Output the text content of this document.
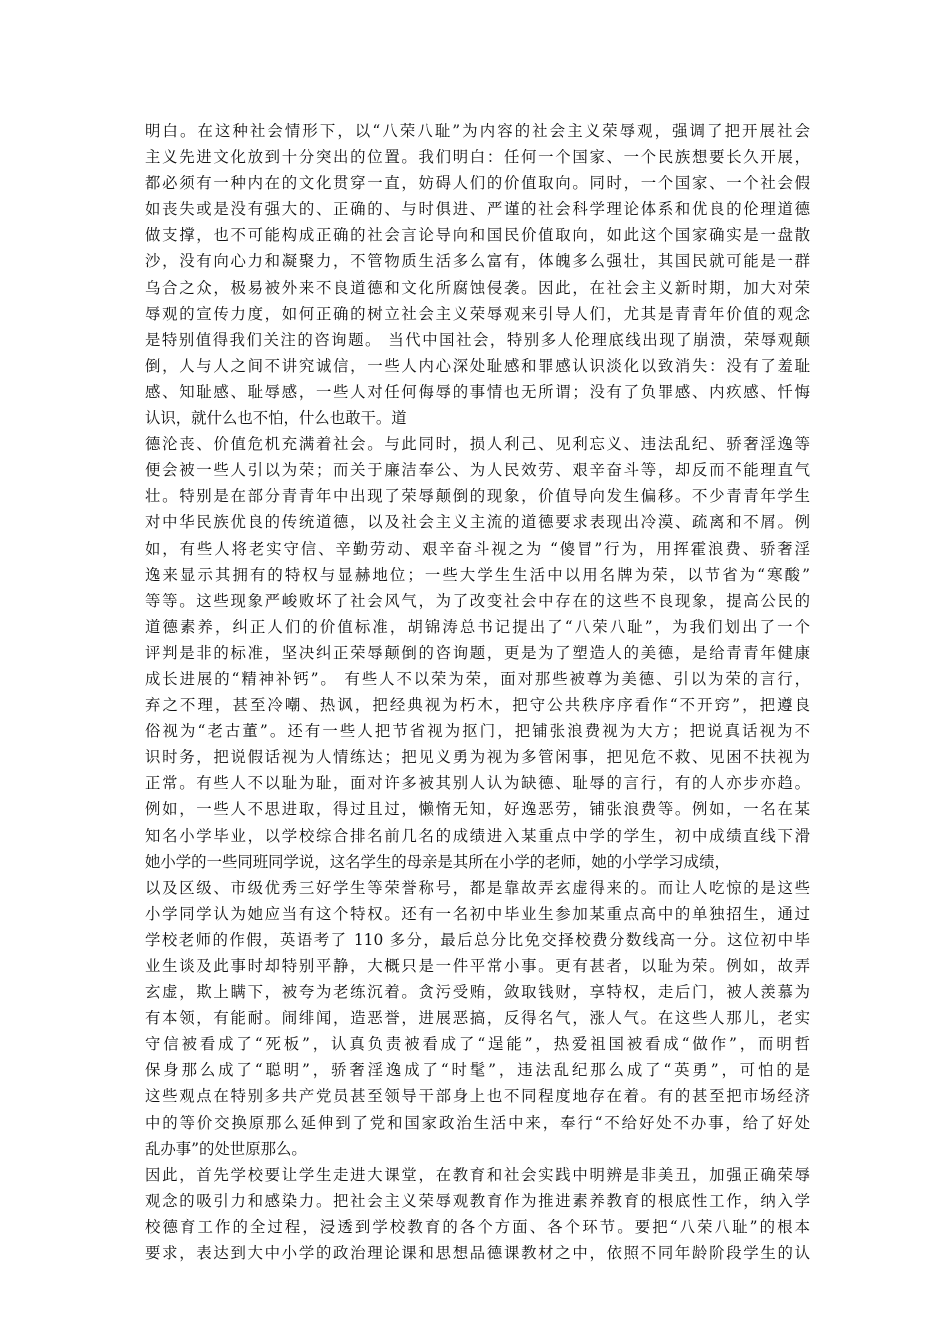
明白。在这种社会情形下，以“八荣八耻”为内容的社会主义荣辱观，强调了把开展社会
主义先进文化放到十分突出的位置。我们明白：任何一个国家、一个民族想要长久开展，
都必须有一种内在的文化贯穿一直，妨碍人们的价值取向。同时，一个国家、一个社会假
如丧失或是没有强大的、正确的、与时俱进、严谨的社会科学理论体系和优良的伦理道德
做支撑，也不可能构成正确的社会言论导向和国民价值取向，如此这个国家确实是一盘散
沙，没有向心力和凝聚力，不管物质生活多么富有，体魄多么强壮，其国民就可能是一群
乌合之众，极易被外来不良道德和文化所腐蚀侵袭。因此，在社会主义新时期，加大对荣
辱观的宣传力度，如何正确的树立社会主义荣辱观来引导人们，尤其是青青年价值的观念
是特别值得我们关注的咨询题。 当代中国社会，特别多人伦理底线出现了崩溃，荣辱观颠
倒，人与人之间不讲究诚信，一些人内心深处耻感和罪感认识淡化以致消失：没有了羞耻
感、知耻感、耻辱感，一些人对任何侮辱的事情也无所谓；没有了负罪感、内疚感、忏悔
认识，就什么也不怕，什么也敢干。道
德沦丧、价值危机充满着社会。与此同时，损人利己、见利忘义、违法乱纪、骄奢淫逸等
便会被一些人引以为荣；而关于廉洁奉公、为人民效劳、艰辛奋斗等，却反而不能理直气
壮。特别是在部分青青年中出现了荣辱颠倒的现象，价值导向发生偏移。不少青青年学生
对中华民族优良的传统道德，以及社会主义主流的道德要求表现出冷漠、疏离和不屑。例
如，有些人将老实守信、辛勤劳动、艰辛奋斗视之为 “傻冒”行为，用挥霍浪费、骄奢淫
逸来显示其拥有的特权与显赫地位；一些大学生生活中以用名牌为荣，以节省为“寒酸”
等等。这些现象严峻败坏了社会风气，为了改变社会中存在的这些不良现象，提高公民的
道德素养，纠正人们的价值标准，胡锦涛总书记提出了“八荣八耻”，为我们划出了一个
评判是非的标准，坚决纠正荣辱颠倒的咨询题，更是为了塑造人的美德，是给青青年健康
成长进展的“精神补钙”。 有些人不以荣为荣，面对那些被尊为美德、引以为荣的言行，
弃之不理，甚至冷嘲、热讽，把经典视为朽木，把守公共秩序序看作“不开窍”，把遵良
俗视为“老古董”。还有一些人把节省视为抠门，把铺张浪费视为大方；把说真话视为不
识时务，把说假话视为人情练达；把见义勇为视为多管闲事，把见危不救、见困不扶视为
正常。有些人不以耻为耻，面对许多被其别人认为缺德、耻辱的言行，有的人亦步亦趋。
例如，一些人不思进取，得过且过，懒惰无知，好逸恶劳，铺张浪费等。例如，一名在某
知名小学毕业，以学校综合排名前几名的成绩进入某重点中学的学生，初中成绩直线下滑
她小学的一些同班同学说，这名学生的母亲是其所在小学的老师，她的小学学习成绩，
以及区级、市级优秀三好学生等荣誉称号，都是靠故弄玄虚得来的。而让人吃惊的是这些
小学同学认为她应当有这个特权。还有一名初中毕业生参加某重点高中的单独招生，通过
学校老师的作假，英语考了 110 多分，最后总分比免交择校费分数线高一分。这位初中毕
业生谈及此事时却特别平静，大概只是一件平常小事。更有甚者，以耻为荣。例如，故弄
玄虚，欺上瞒下，被夸为老练沉着。贪污受贿，敛取钱财，享特权，走后门，被人羡慕为
有本领，有能耐。闹绯闻，造恶誉，进展恶搞，反得名气，涨人气。在这些人那儿，老实
守信被看成了“死板”，认真负责被看成了“逞能”，热爱祖国被看成“做作”，而明哲
保身那么成了“聪明”，骄奢淫逸成了“时髦”，违法乱纪那么成了“英勇”，可怕的是
这些观点在特别多共产党员甚至领导干部身上也不同程度地存在着。有的甚至把市场经济
中的等价交换原那么延伸到了党和国家政治生活中来，奉行“不给好处不办事，给了好处
乱办事”的处世原那么。
因此，首先学校要让学生走进大课堂，在教育和社会实践中明辨是非美丑，加强正确荣辱
观念的吸引力和感染力。把社会主义荣辱观教育作为推进素养教育的根底性工作，纳入学
校德育工作的全过程，浸透到学校教育的各个方面、各个环节。要把“八荣八耻”的根本
要求，表达到大中小学的政治理论课和思想品德课教材之中，依照不同年龄阶段学生的认
